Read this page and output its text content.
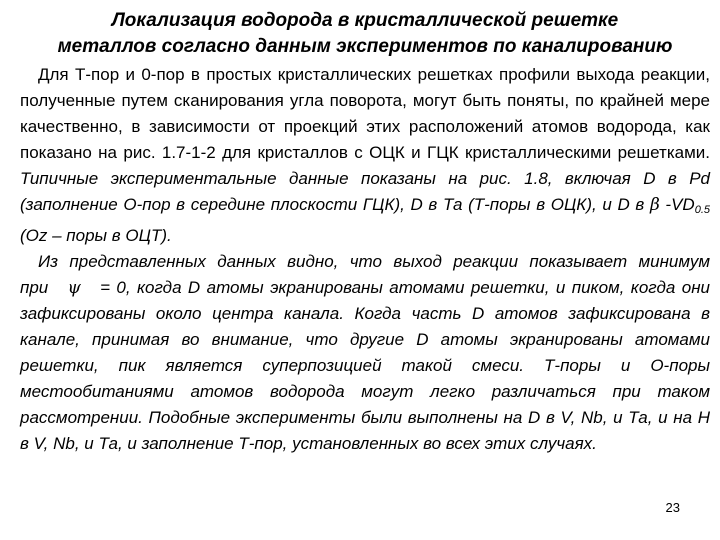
Локализация водорода в кристаллической решетке
металлов согласно данным экспериментов по каналированию

Для Т-пор и 0-пор в простых кристаллических решетках профили выхода реакции, полученные путем сканирования угла поворота, могут быть поняты, по крайней мере качественно, в зависимости от проекций этих расположений атомов водорода, как показано на рис. 1.7-1-2 для кристаллов с ОЦК и ГЦК кристаллическими решетками. Типичные экспериментальные данные показаны на рис. 1.8, включая D в Pd (заполнение О-пор в середине плоскости ГЦК), D в Та (Т-поры в ОЦК), и D в β $-VD_{0.5}$ (Oz – поры в ОЦТ).

Из представленных данных видно, что выход реакции показывает минимум при ψ = 0, когда D атомы экранированы атомами решетки, и пиком, когда они зафиксированы около центра канала. Когда часть D атомов зафиксирована в канале, принимая во внимание, что другие D атомы экранированы атомами решетки, пик является суперпозицией такой смеси. Т-поры и О-поры местообитаниями атомов водорода могут легко различаться при таком рассмотрении. Подобные эксперименты были выполнены на D в V, Nb, и Та, и на Н в V, Nb, и Та, и заполнение Т-пор, установленных во всех этих случаях.

23
